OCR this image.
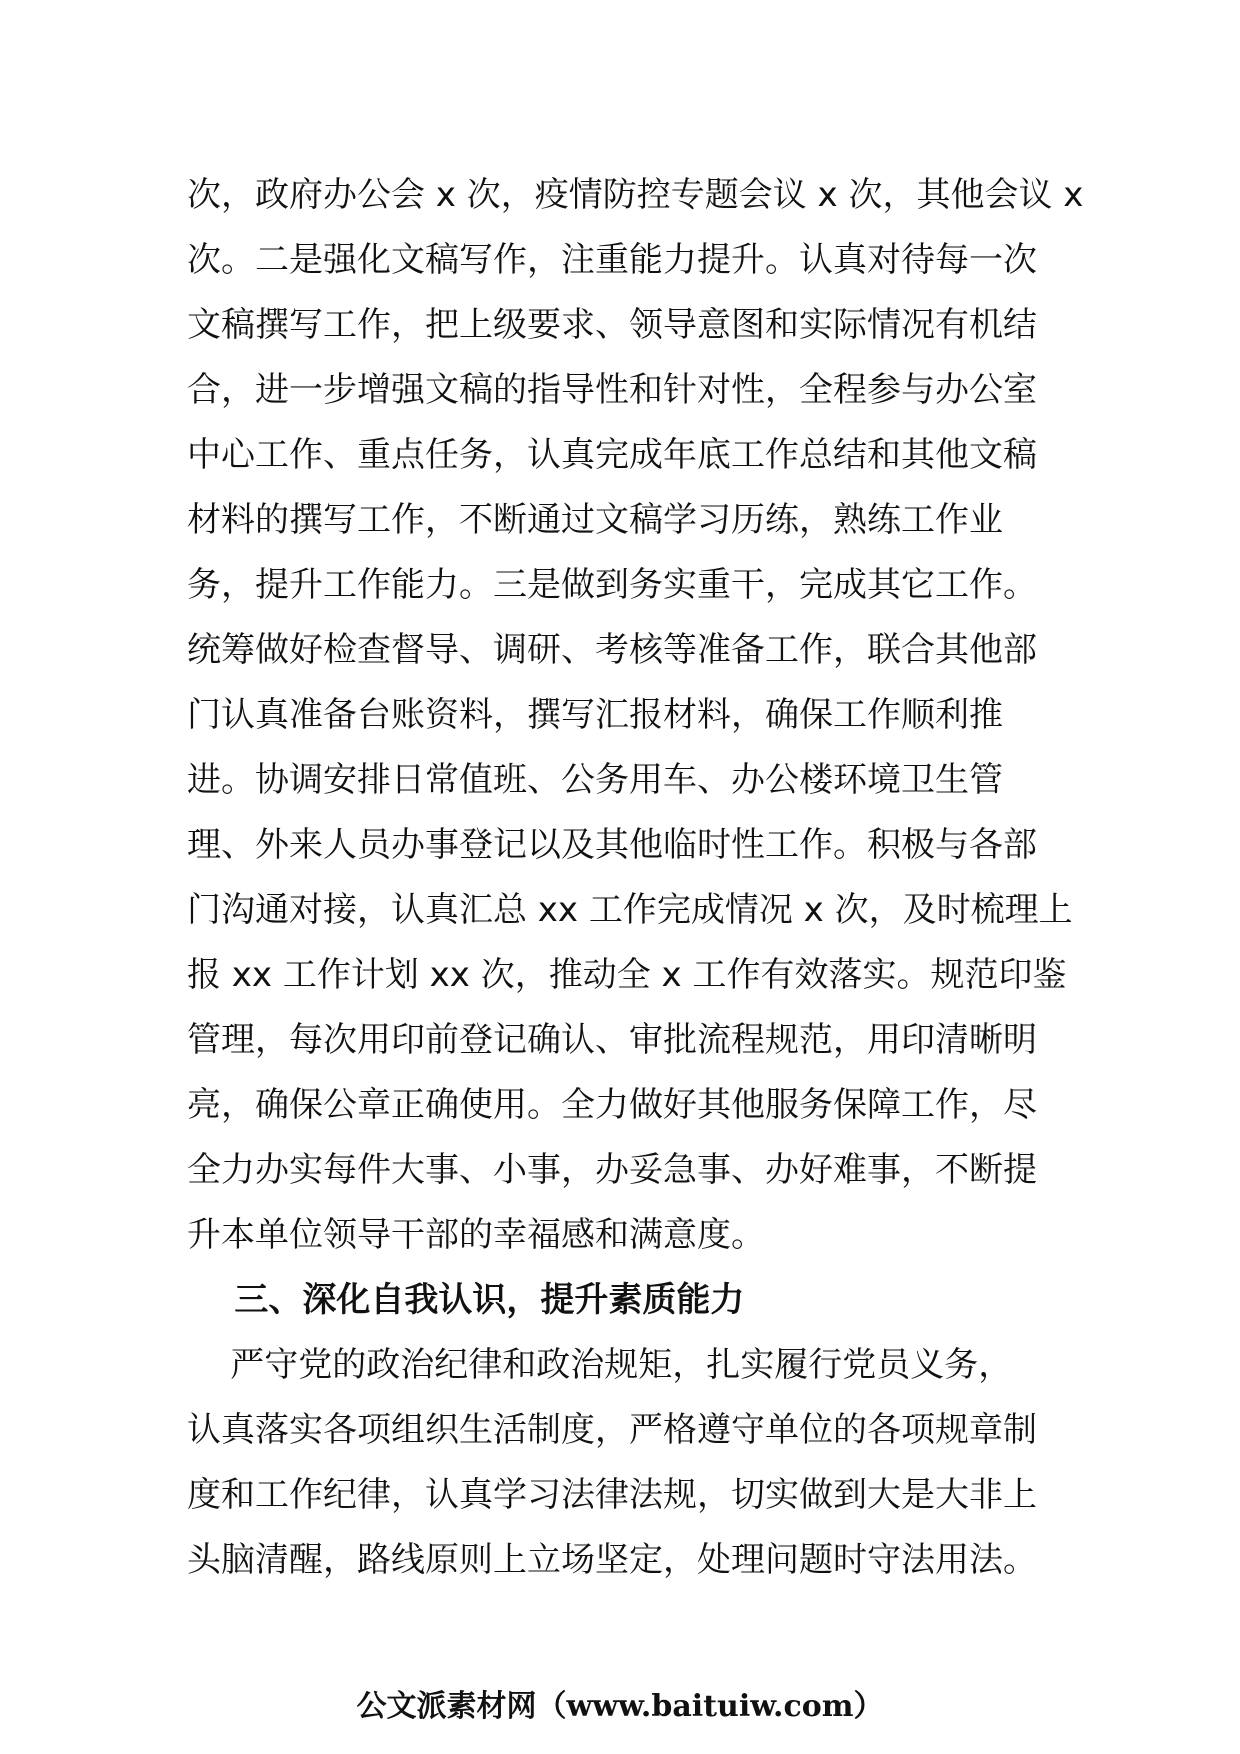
次，政府办公会 x 次，疫情防控专题会议 x 次，其他会议 x
次。二是强化文稿写作，注重能力提升。认真对待每一次
文稿撰写工作，把上级要求、领导意图和实际情况有机结
合，进一步增强文稿的指导性和针对性，全程参与办公室
中心工作、重点任务，认真完成年底工作总结和其他文稿
材料的撰写工作，不断通过文稿学习历练，熟练工作业
务，提升工作能力。三是做到务实重干，完成其它工作。
统筹做好检查督导、调研、考核等准备工作，联合其他部
门认真准备台账资料，撰写汇报材料，确保工作顺利推
进。协调安排日常值班、公务用车、办公楼环境卫生管
理、外来人员办事登记以及其他临时性工作。积极与各部
门沟通对接，认真汇总 xx 工作完成情况 x 次，及时梳理上
报 xx 工作计划 xx 次，推动全 x 工作有效落实。规范印鉴
管理，每次用印前登记确认、审批流程规范，用印清晰明
亮，确保公章正确使用。全力做好其他服务保障工作，尽
全力办实每件大事、小事，办妥急事、办好难事，不断提
升本单位领导干部的幸福感和满意度。
三、深化自我认识，提升素质能力
严守党的政治纪律和政治规矩，扎实履行党员义务，
认真落实各项组织生活制度，严格遵守单位的各项规章制
度和工作纪律，认真学习法律法规，切实做到大是大非上
头脑清醒，路线原则上立场坚定，处理问题时守法用法。
公文派素材网（www.baituiw.com）
